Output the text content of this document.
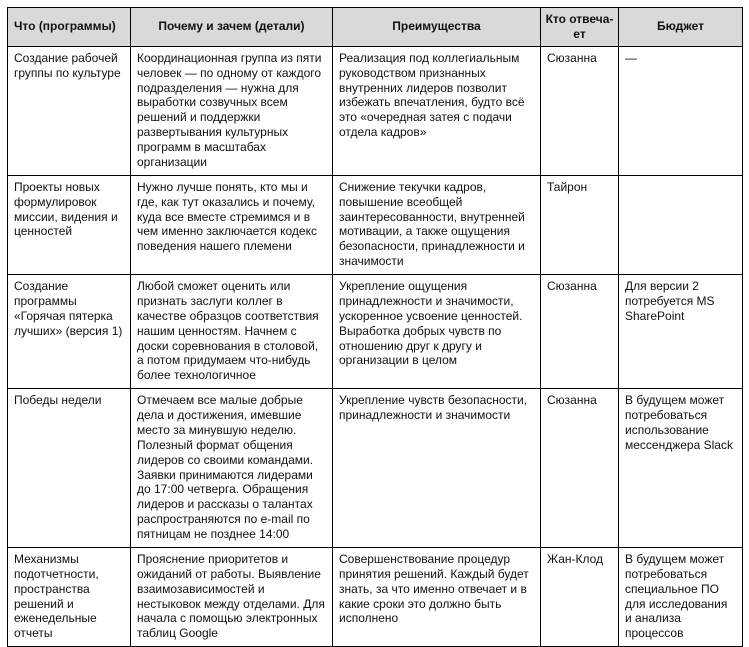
Что (программы)	Почему и зачем (детали)	Преимущества	Кто отвечает	Бюджет
Создание рабочей группы по культуре	Координационная группа из пяти человек — по одному от каждого подразделения — нужна для выработки созвучных всем решений и поддержки развертывания культурных программ в масштабах организации	Реализация под коллегиальным руководством признанных внутренних лидеров позволит избежать впечатления, будто всё это «очередная затея с подачи отдела кадров»	Сюзанна	—
Проекты новых формулировок миссии, видения и ценностей	Нужно лучше понять, кто мы и где, как тут оказались и почему, куда все вместе стремимся и в чем именно заключается кодекс поведения нашего племени	Снижение текучки кадров, повышение всеобщей заинтересованности, внутренней мотивации, а также ощущения безопасности, принадлежности и значимости	Тайрон	
Создание программы «Горячая пятерка лучших» (версия 1)	Любой сможет оценить или признать заслуги коллег в качестве образцов соответствия нашим ценностям. Начнем с доски соревнования в столовой, а потом придумаем что-нибудь более технологичное	Укрепление ощущения принадлежности и значимости, ускоренное усвоение ценностей. Выработка добрых чувств по отношению друг к другу и организации в целом	Сюзанна	Для версии 2 потребуется MS SharePoint
Победы недели	Отмечаем все малые добрые дела и достижения, имевшие место за минувшую неделю. Полезный формат общения лидеров со своими командами. Заявки принимаются лидерами до 17:00 четверга. Обращения лидеров и рассказы о талантах распространяются по e-mail по пятницам не позднее 14:00	Укрепление чувств безопасности, принадлежности и значимости	Сюзанна	В будущем может потребоваться использование мессенджера Slack
Механизмы подотчетности, пространства решений и еженедельные отчеты	Прояснение приоритетов и ожиданий от работы. Выявление взаимозависимостей и нестыковок между отделами. Для начала с помощью электронных таблиц Google	Совершенствование процедур принятия решений. Каждый будет знать, за что именно отвечает и в какие сроки это должно быть исполнено	Жан-Клод	В будущем может потребоваться специальное ПО для исследования и анализа процессов
